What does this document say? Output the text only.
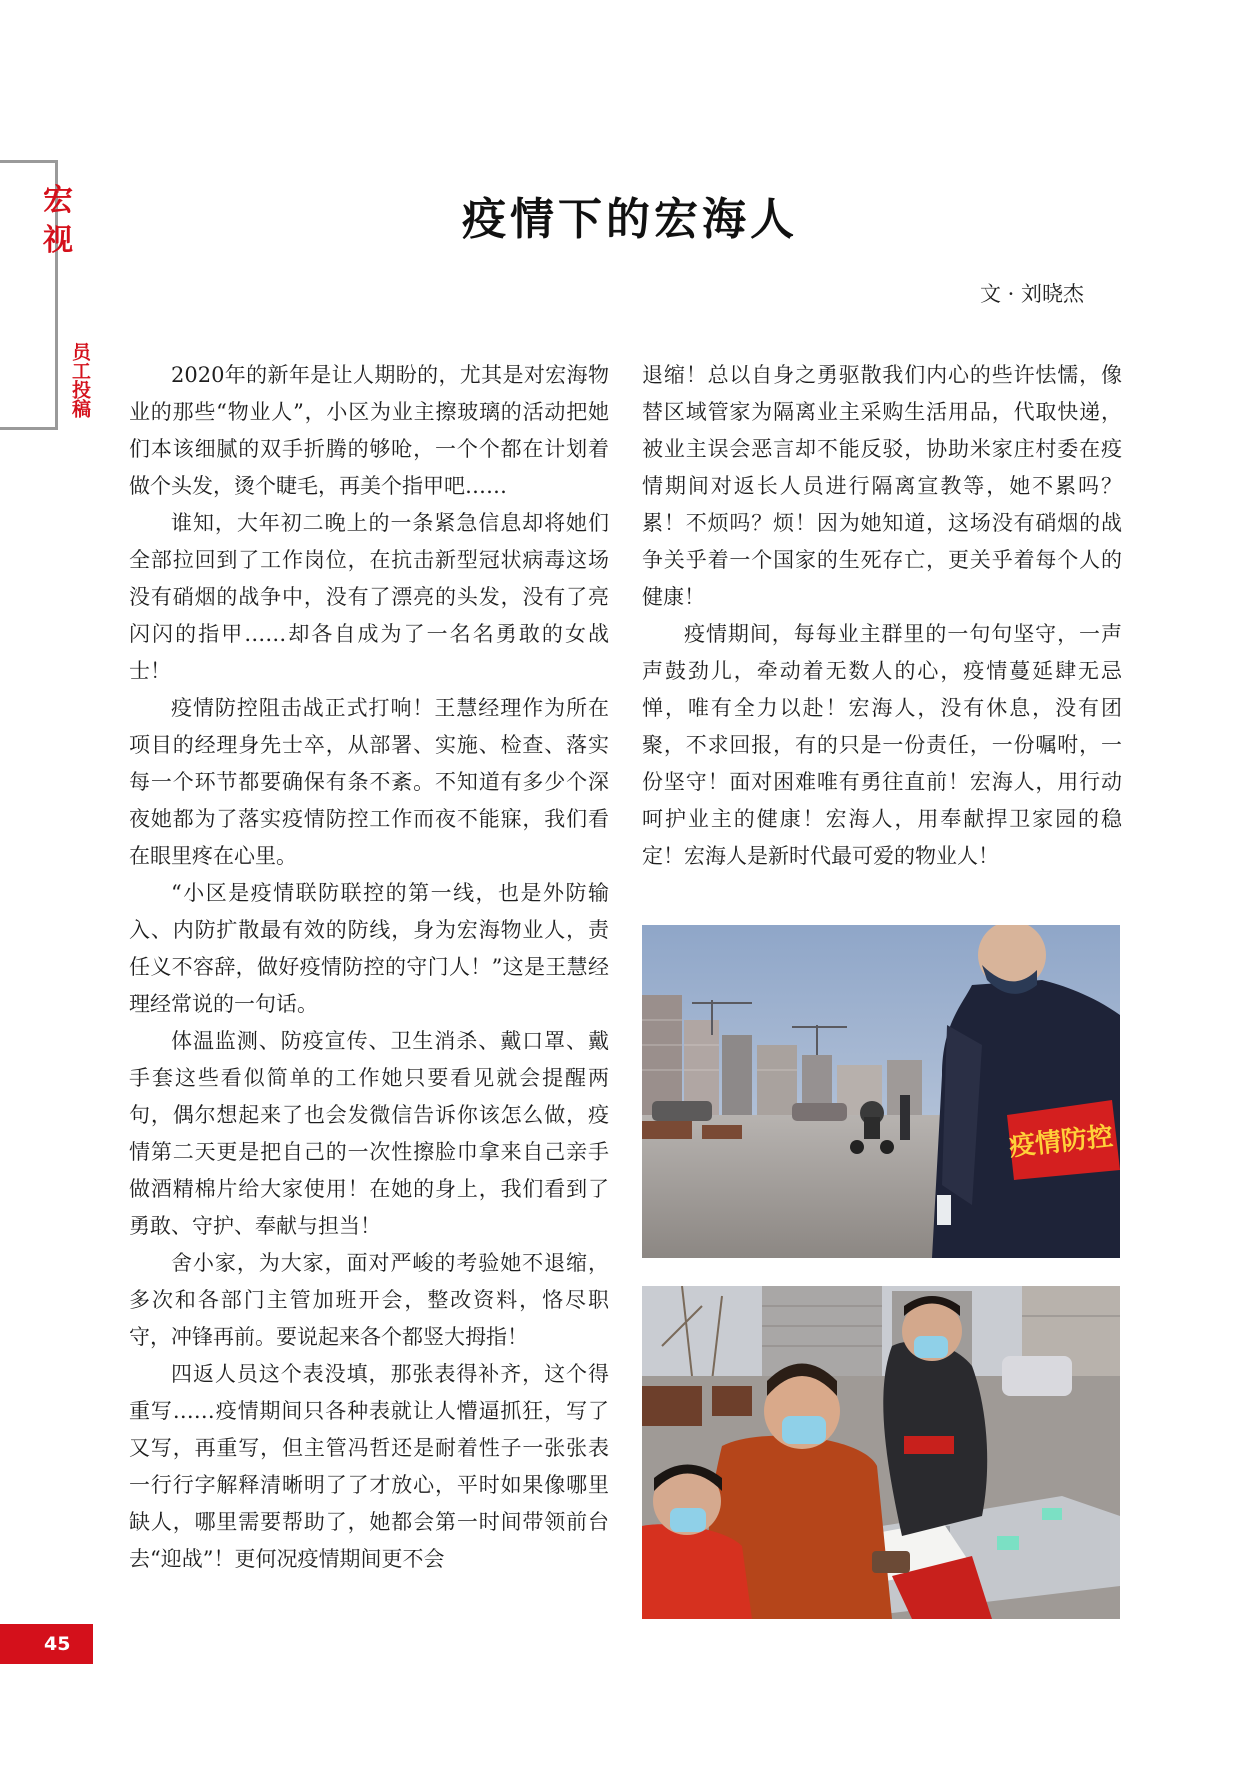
宏
视
员工投稿
疫情下的宏海人
文 · 刘晓杰

2020年的新年是让人期盼的，尤其是对宏海物业的那些“物业人”，小区为业主擦玻璃的活动把她们本该细腻的双手折腾的够呛，一个个都在计划着做个头发，烫个睫毛，再美个指甲吧……

谁知，大年初二晚上的一条紧急信息却将她们全部拉回到了工作岗位，在抗击新型冠状病毒这场没有硝烟的战争中，没有了漂亮的头发，没有了亮闪闪的指甲……却各自成为了一名名勇敢的女战士！

疫情防控阻击战正式打响！王慧经理作为所在项目的经理身先士卒，从部署、实施、检查、落实每一个环节都要确保有条不紊。不知道有多少个深夜她都为了落实疫情防控工作而夜不能寐，我们看在眼里疼在心里。

“小区是疫情联防联控的第一线，也是外防输入、内防扩散最有效的防线，身为宏海物业人，责任义不容辞，做好疫情防控的守门人！”这是王慧经理经常说的一句话。

体温监测、防疫宣传、卫生消杀、戴口罩、戴手套这些看似简单的工作她只要看见就会提醒两句，偶尔想起来了也会发微信告诉你该怎么做，疫情第二天更是把自己的一次性擦脸巾拿来自己亲手做酒精棉片给大家使用！在她的身上，我们看到了勇敢、守护、奉献与担当！

舍小家，为大家，面对严峻的考验她不退缩，多次和各部门主管加班开会，整改资料，恪尽职守，冲锋再前。要说起来各个都竖大拇指！

四返人员这个表没填，那张表得补齐，这个得重写……疫情期间只各种表就让人懵逼抓狂，写了又写，再重写，但主管冯哲还是耐着性子一张张表一行行字解释清晰明了了才放心，平时如果像哪里缺人，哪里需要帮助了，她都会第一时间带领前台去“迎战”！更何况疫情期间更不会

退缩！总以自身之勇驱散我们内心的些许怯懦，像替区域管家为隔离业主采购生活用品，代取快递，被业主误会恶言却不能反驳，协助米家庄村委在疫情期间对返长人员进行隔离宣教等，她不累吗？累！不烦吗？烦！因为她知道，这场没有硝烟的战争关乎着一个国家的生死存亡，更关乎着每个人的健康！

疫情期间，每每业主群里的一句句坚守，一声声鼓劲儿，牵动着无数人的心，疫情蔓延肆无忌惮，唯有全力以赴！宏海人，没有休息，没有团聚，不求回报，有的只是一份责任，一份嘱咐，一份坚守！面对困难唯有勇往直前！宏海人，用行动呵护业主的健康！宏海人，用奉献捍卫家园的稳定！宏海人是新时代最可爱的物业人！

疫情防控
45
